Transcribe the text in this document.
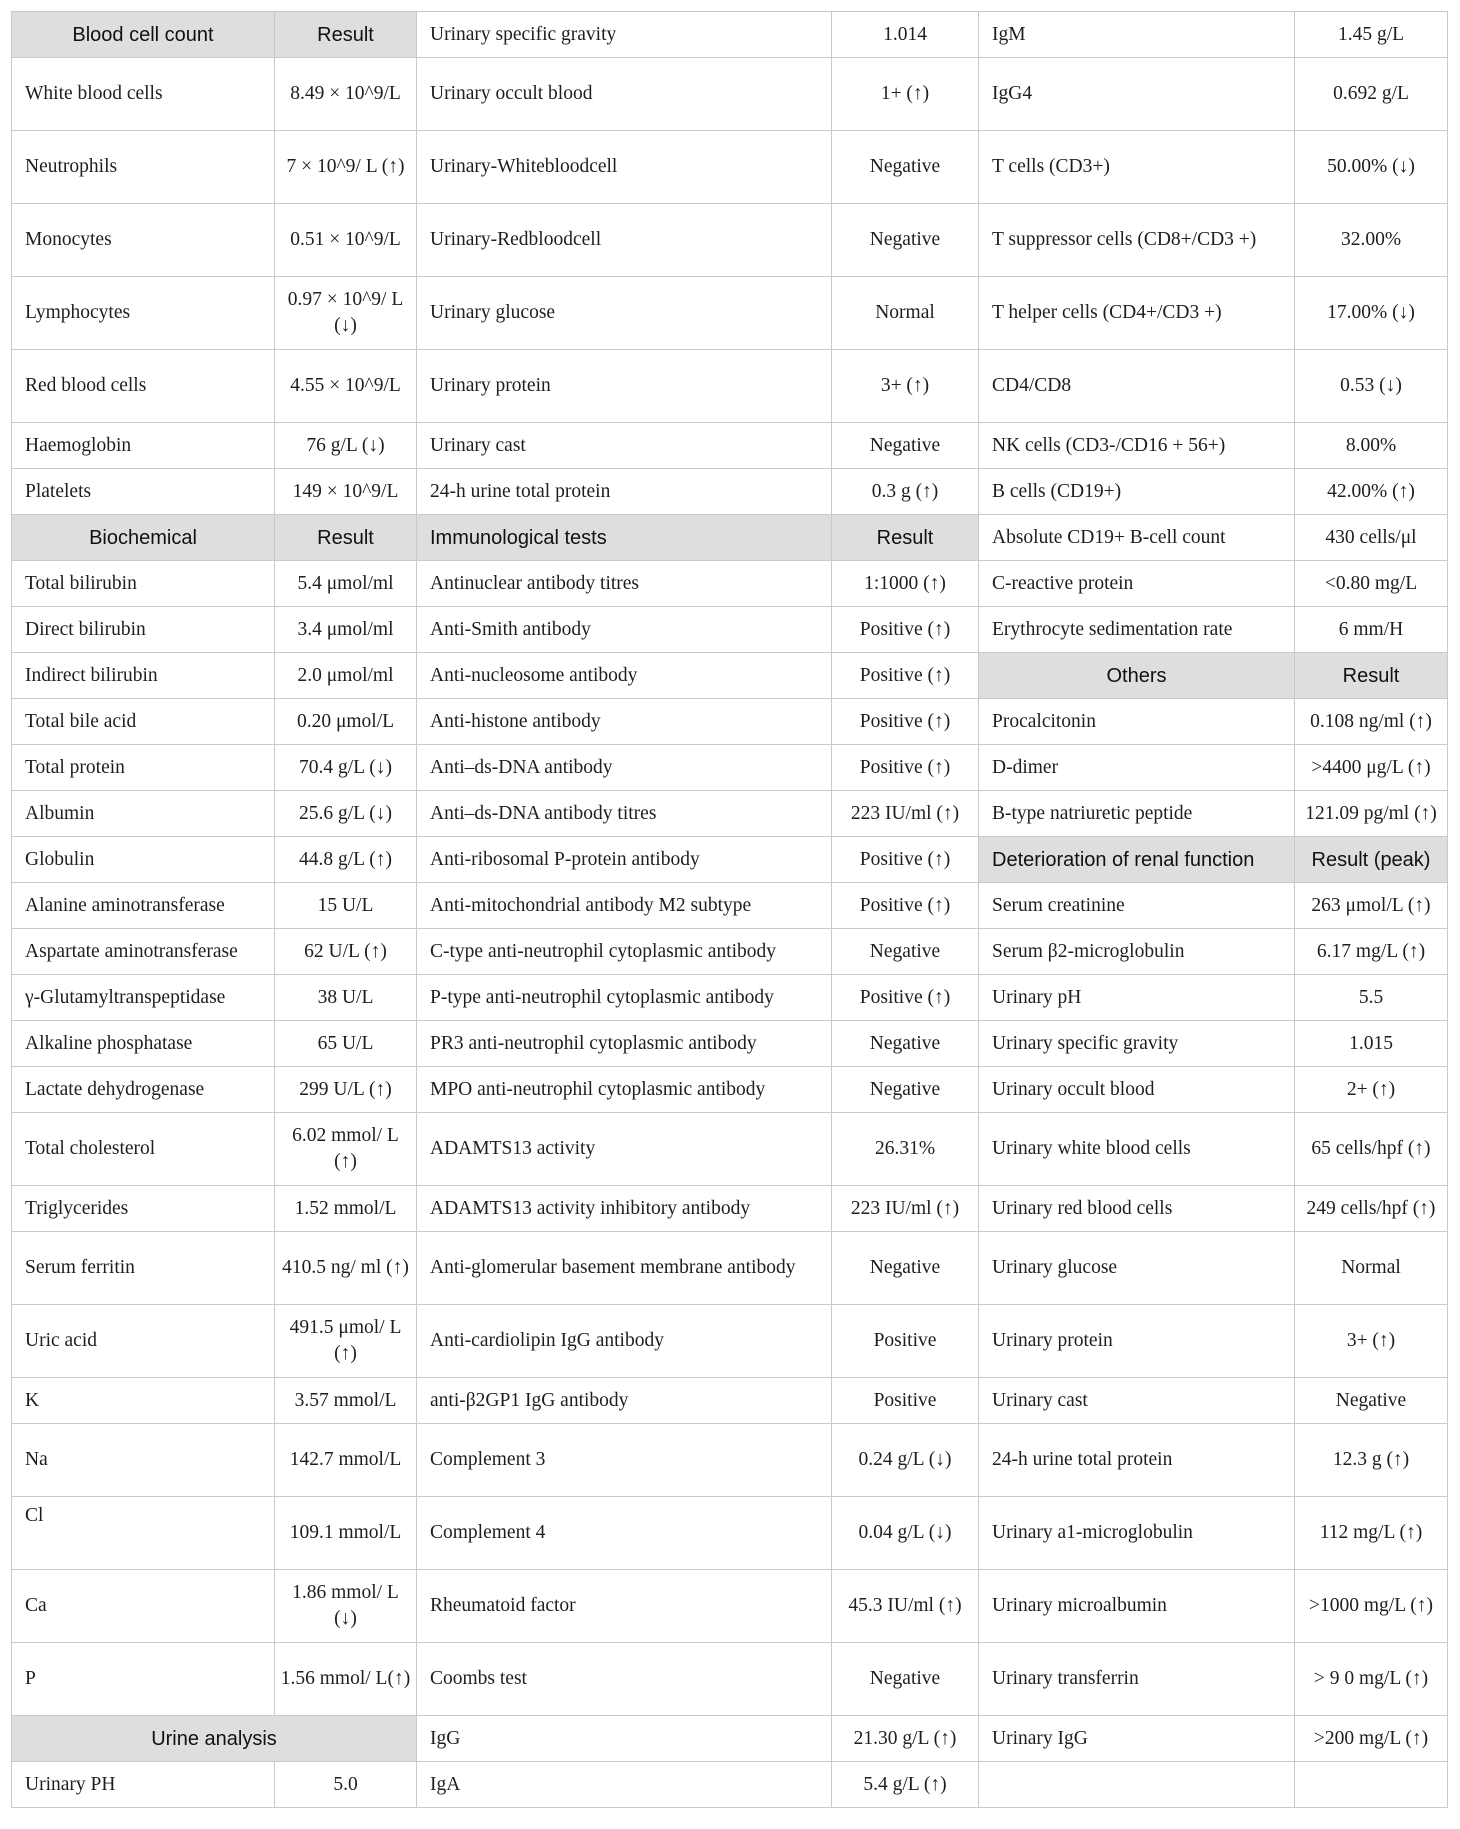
Blood cell count	Result	Urinary specific gravity	1.014	IgM	1.45 g/L
White blood cells	8.49 × 10^9/L	Urinary occult blood	1+ (↑)	IgG4	0.692 g/L
Neutrophils	7 × 10^9/ L (↑)	Urinary-Whitebloodcell	Negative	T cells (CD3+)	50.00% (↓)
Monocytes	0.51 × 10^9/L	Urinary-Redbloodcell	Negative	T suppressor cells (CD8+/CD3 +)	32.00%
Lymphocytes	0.97 × 10^9/ L (↓)	Urinary glucose	Normal	T helper cells (CD4+/CD3 +)	17.00% (↓)
Red blood cells	4.55 × 10^9/L	Urinary protein	3+ (↑)	CD4/CD8	0.53 (↓)
Haemoglobin	76 g/L (↓)	Urinary cast	Negative	NK cells (CD3-/CD16 + 56+)	8.00%
Platelets	149 × 10^9/L	24-h urine total protein	0.3 g (↑)	B cells (CD19+)	42.00% (↑)
Biochemical	Result	Immunological tests	Result	Absolute CD19+ B-cell count	430 cells/μl
Total bilirubin	5.4 μmol/ml	Antinuclear antibody titres	1:1000 (↑)	C-reactive protein	<0.80 mg/L
Direct bilirubin	3.4 μmol/ml	Anti-Smith antibody	Positive (↑)	Erythrocyte sedimentation rate	6 mm/H
Indirect bilirubin	2.0 μmol/ml	Anti-nucleosome antibody	Positive (↑)	Others	Result
Total bile acid	0.20 μmol/L	Anti-histone antibody	Positive (↑)	Procalcitonin	0.108 ng/ml (↑)
Total protein	70.4 g/L (↓)	Anti–ds-DNA antibody	Positive (↑)	D-dimer	>4400 μg/L (↑)
Albumin	25.6 g/L (↓)	Anti–ds-DNA antibody titres	223 IU/ml (↑)	B-type natriuretic peptide	121.09 pg/ml (↑)
Globulin	44.8 g/L (↑)	Anti-ribosomal P-protein antibody	Positive (↑)	Deterioration of renal function	Result (peak)
Alanine aminotransferase	15 U/L	Anti-mitochondrial antibody M2 subtype	Positive (↑)	Serum creatinine	263 μmol/L (↑)
Aspartate aminotransferase	62 U/L (↑)	C-type anti-neutrophil cytoplasmic antibody	Negative	Serum β2-microglobulin	6.17 mg/L (↑)
γ-Glutamyltranspeptidase	38 U/L	P-type anti-neutrophil cytoplasmic antibody	Positive (↑)	Urinary pH	5.5
Alkaline phosphatase	65 U/L	PR3 anti-neutrophil cytoplasmic antibody	Negative	Urinary specific gravity	1.015
Lactate dehydrogenase	299 U/L (↑)	MPO anti-neutrophil cytoplasmic antibody	Negative	Urinary occult blood	2+ (↑)
Total cholesterol	6.02 mmol/ L (↑)	ADAMTS13 activity	26.31%	Urinary white blood cells	65 cells/hpf (↑)
Triglycerides	1.52 mmol/L	ADAMTS13 activity inhibitory antibody	223 IU/ml (↑)	Urinary red blood cells	249 cells/hpf (↑)
Serum ferritin	410.5 ng/ ml (↑)	Anti-glomerular basement membrane antibody	Negative	Urinary glucose	Normal
Uric acid	491.5 μmol/ L (↑)	Anti-cardiolipin IgG antibody	Positive	Urinary protein	3+ (↑)
K	3.57 mmol/L	anti-β2GP1 IgG antibody	Positive	Urinary cast	Negative
Na	142.7 mmol/L	Complement 3	0.24 g/L (↓)	24-h urine total protein	12.3 g (↑)
Cl	109.1 mmol/L	Complement 4	0.04 g/L (↓)	Urinary a1-microglobulin	112 mg/L (↑)
Ca	1.86 mmol/ L (↓)	Rheumatoid factor	45.3 IU/ml (↑)	Urinary microalbumin	>1000 mg/L (↑)
P	1.56 mmol/ L(↑)	Coombs test	Negative	Urinary transferrin	> 9 0 mg/L (↑)
Urine analysis		IgG	21.30 g/L (↑)	Urinary IgG	>200 mg/L (↑)
Urinary PH	5.0	IgA	5.4 g/L (↑)		
